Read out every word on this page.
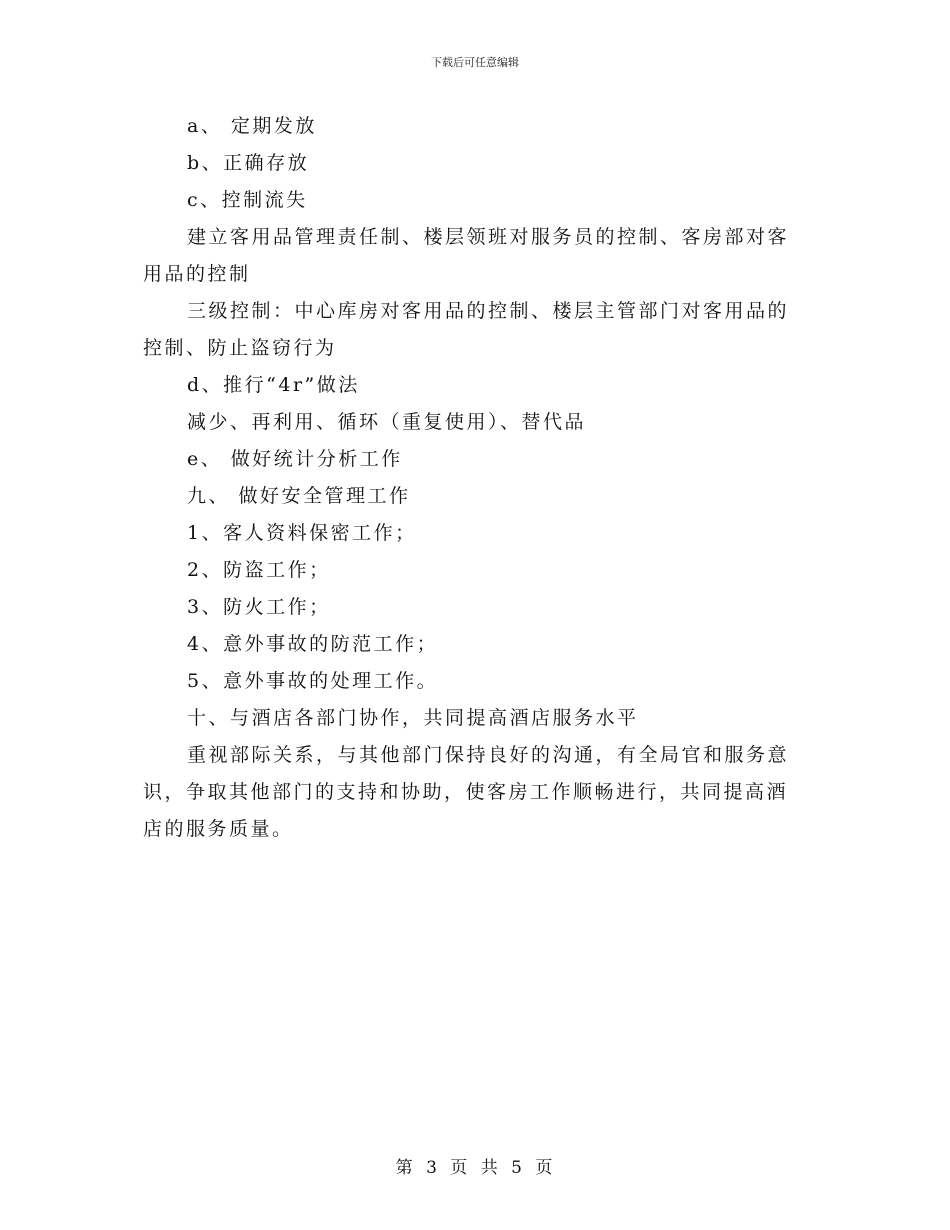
下载后可任意编辑
a、 定期发放
b、正确存放
c、控制流失
建立客用品管理责任制、楼层领班对服务员的控制、客房部对客
用品的控制
三级控制：中心库房对客用品的控制、楼层主管部门对客用品的
控制、防止盗窃行为
d、推行“4r”做法
减少、再利用、循环（重复使用）、替代品
e、 做好统计分析工作
九、 做好安全管理工作
1、客人资料保密工作；
2、防盗工作；
3、防火工作；
4、意外事故的防范工作；
5、意外事故的处理工作。
十、与酒店各部门协作，共同提高酒店服务水平
重视部际关系，与其他部门保持良好的沟通，有全局官和服务意
识，争取其他部门的支持和协助，使客房工作顺畅进行，共同提高酒
店的服务质量。
第 3 页 共 5 页
